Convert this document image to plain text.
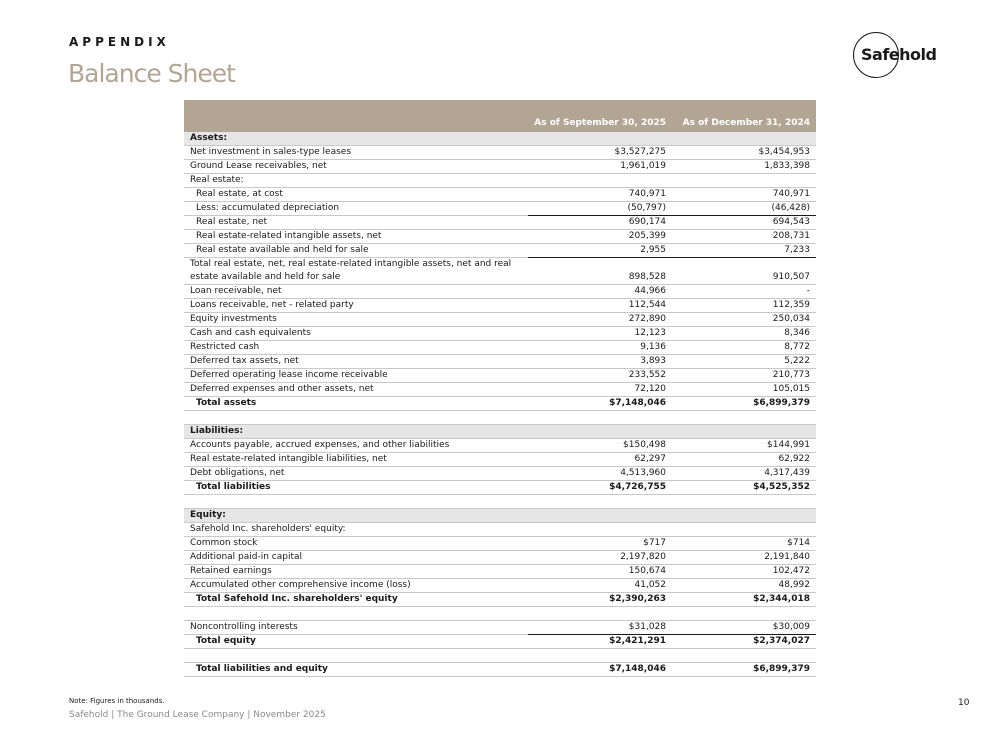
APPENDIX
Balance Sheet
Safehold
	As of September 30, 2025	As of December 31, 2024
Assets:		
Net investment in sales-type leases	$3,527,275	$3,454,953
Ground Lease receivables, net	1,961,019	1,833,398
Real estate:		
Real estate, at cost	740,971	740,971
Less: accumulated depreciation	(50,797)	(46,428)
Real estate, net	690,174	694,543
Real estate-related intangible assets, net	205,399	208,731
Real estate available and held for sale	2,955	7,233
Total real estate, net, real estate-related intangible assets, net and real estate available and held for sale	898,528	910,507
Loan receivable, net	44,966	-
Loans receivable, net - related party	112,544	112,359
Equity investments	272,890	250,034
Cash and cash equivalents	12,123	8,346
Restricted cash	9,136	8,772
Deferred tax assets, net	3,893	5,222
Deferred operating lease income receivable	233,552	210,773
Deferred expenses and other assets, net	72,120	105,015
Total assets	$7,148,046	$6,899,379

Liabilities:		
Accounts payable, accrued expenses, and other liabilities	$150,498	$144,991
Real estate-related intangible liabilities, net	62,297	62,922
Debt obligations, net	4,513,960	4,317,439
Total liabilities	$4,726,755	$4,525,352

Equity:		
Safehold Inc. shareholders' equity:		
Common stock	$717	$714
Additional paid-in capital	2,197,820	2,191,840
Retained earnings	150,674	102,472
Accumulated other comprehensive income (loss)	41,052	48,992
Total Safehold Inc. shareholders' equity	$2,390,263	$2,344,018

Noncontrolling interests	$31,028	$30,009
Total equity	$2,421,291	$2,374,027

Total liabilities and equity	$7,148,046	$6,899,379
Note: Figures in thousands.
Safehold | The Ground Lease Company | November 2025
10
